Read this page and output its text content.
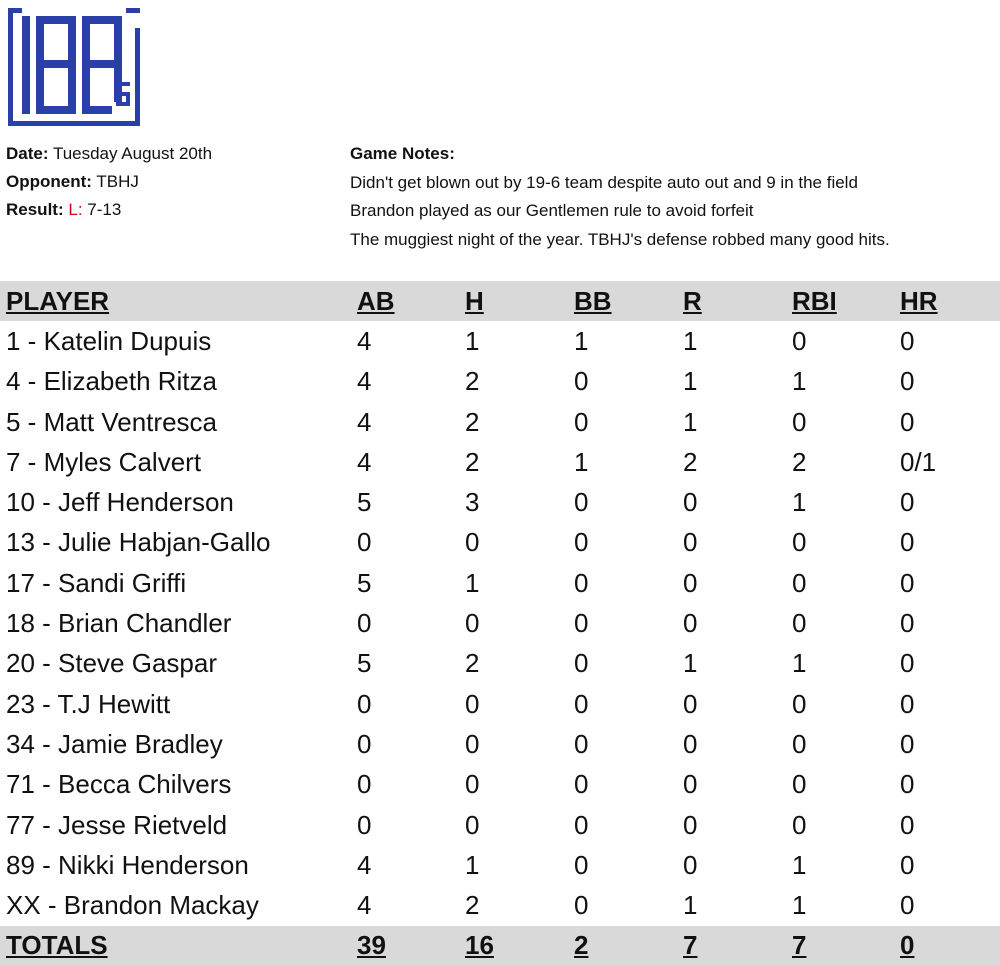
Date: Tuesday August 20th
Opponent: TBHJ
Result: L: 7-13
Game Notes:
Didn't get blown out by 19-6 team despite auto out and 9 in the field
Brandon played as our Gentlemen rule to avoid forfeit
The muggiest night of the year. TBHJ's defense robbed many good hits.
PLAYER	AB	H	BB	R	RBI	HR
1 - Katelin Dupuis	4	1	1	1	0	0
4 - Elizabeth Ritza	4	2	0	1	1	0
5 - Matt Ventresca	4	2	0	1	0	0
7 - Myles Calvert	4	2	1	2	2	0/1
10 - Jeff Henderson	5	3	0	0	1	0
13 - Julie Habjan-Gallo	0	0	0	0	0	0
17 - Sandi Griffi	5	1	0	0	0	0
18 - Brian Chandler	0	0	0	0	0	0
20 - Steve Gaspar	5	2	0	1	1	0
23 - T.J Hewitt	0	0	0	0	0	0
34 - Jamie Bradley	0	0	0	0	0	0
71 - Becca Chilvers	0	0	0	0	0	0
77 - Jesse Rietveld	0	0	0	0	0	0
89 - Nikki Henderson	4	1	0	0	1	0
XX - Brandon Mackay	4	2	0	1	1	0
TOTALS	39	16	2	7	7	0
